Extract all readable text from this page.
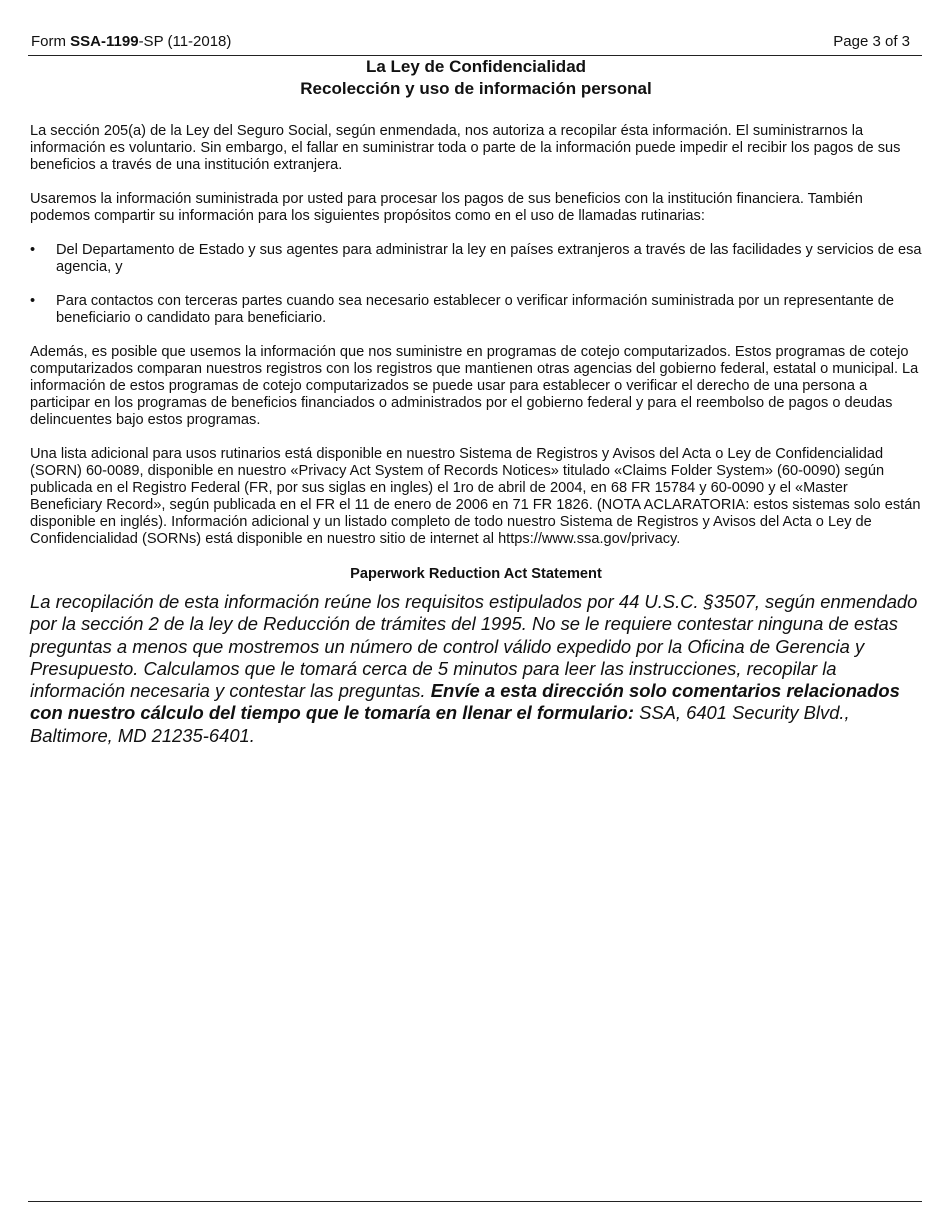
Form SSA-1199-SP (11-2018)	Page 3 of 3
La Ley de Confidencialidad
Recolección y uso de información personal

La sección 205(a) de la Ley del Seguro Social, según enmendada, nos autoriza a recopilar ésta información. El suministrarnos la información es voluntario. Sin embargo, el fallar en suministrar toda o parte de la información puede impedir el recibir los pagos de sus beneficios a través de una institución extranjera.

Usaremos la información suministrada por usted para procesar los pagos de sus beneficios con la institución financiera. También podemos compartir su información para los siguientes propósitos como en el uso de llamadas rutinarias:

• Del Departamento de Estado y sus agentes para administrar la ley en países extranjeros a través de las facilidades y servicios de esa agencia, y
• Para contactos con terceras partes cuando sea necesario establecer o verificar información suministrada por un representante de beneficiario o candidato para beneficiario.

Además, es posible que usemos la información que nos suministre en programas de cotejo computarizados. Estos programas de cotejo computarizados comparan nuestros registros con los registros que mantienen otras agencias del gobierno federal, estatal o municipal. La información de estos programas de cotejo computarizados se puede usar para establecer o verificar el derecho de una persona a participar en los programas de beneficios financiados o administrados por el gobierno federal y para el reembolso de pagos o deudas delincuentes bajo estos programas.

Una lista adicional para usos rutinarios está disponible en nuestro Sistema de Registros y Avisos del Acta o Ley de Confidencialidad (SORN) 60-0089, disponible en nuestro «Privacy Act System of Records Notices» titulado «Claims Folder System» (60-0090) según publicada en el Registro Federal (FR, por sus siglas en ingles) el 1ro de abril de 2004, en 68 FR 15784 y 60-0090 y el «Master Beneficiary Record», según publicada en el FR el 11 de enero de 2006 en 71 FR 1826. (NOTA ACLARATORIA: estos sistemas solo están disponible en inglés). Información adicional y un listado completo de todo nuestro Sistema de Registros y Avisos del Acta o Ley de Confidencialidad (SORNs) está disponible en nuestro sitio de internet al https://www.ssa.gov/privacy.

Paperwork Reduction Act Statement

La recopilación de esta información reúne los requisitos estipulados por 44 U.S.C. §3507, según enmendado por la sección 2 de la ley de Reducción de trámites del 1995. No se le requiere contestar ninguna de estas preguntas a menos que mostremos un número de control válido expedido por la Oficina de Gerencia y Presupuesto. Calculamos que le tomará cerca de 5 minutos para leer las instrucciones, recopilar la información necesaria y contestar las preguntas. Envíe a esta dirección solo comentarios relacionados con nuestro cálculo del tiempo que le tomaría en llenar el formulario: SSA, 6401 Security Blvd., Baltimore, MD 21235-6401.
